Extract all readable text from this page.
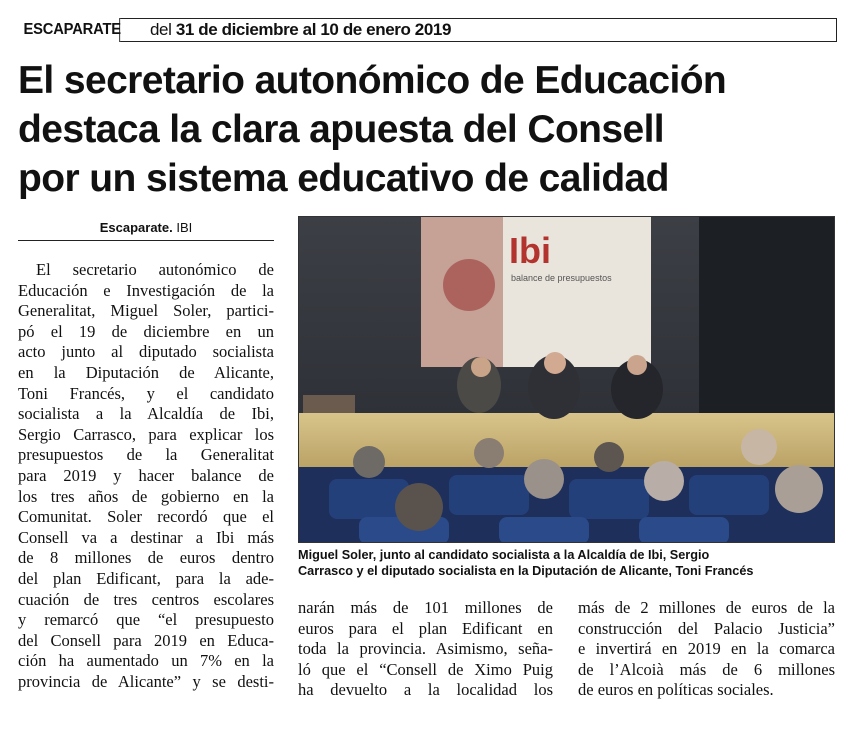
ESCAPARATE del 31 de diciembre al 10 de enero 2019
El secretario autonómico de Educación
destaca la clara apuesta del Consell
por un sistema educativo de calidad
Escaparate. IBI
El secretario autonómico de
Educación e Investigación de la
Generalitat, Miguel Soler, partici-
pó el 19 de diciembre en un
acto junto al diputado socialista
en la Diputación de Alicante,
Toni Francés, y el candidato
socialista a la Alcaldía de Ibi,
Sergio Carrasco, para explicar los
presupuestos de la Generalitat
para 2019 y hacer balance de
los tres años de gobierno en la
Comunitat. Soler recordó que el
Consell va a destinar a Ibi más
de 8 millones de euros dentro
del plan Edificant, para la ade-
cuación de tres centros escolares
y remarcó que “el presupuesto
del Consell para 2019 en Educa-
ción ha aumentado un 7% en la
provincia de Alicante” y se desti-
Ibi
balance de presupuestos
Miguel Soler, junto al candidato socialista a la Alcaldía de Ibi, Sergio
Carrasco y el diputado socialista en la Diputación de Alicante, Toni Francés
narán más de 101 millones de
euros para el plan Edificant en
toda la provincia. Asimismo, seña-
ló que el “Consell de Ximo Puig
ha devuelto a la localidad los
más de 2 millones de euros de la
construcción del Palacio Justicia”
e invertirá en 2019 en la comarca
de l’Alcoià más de 6 millones
de euros en políticas sociales.
